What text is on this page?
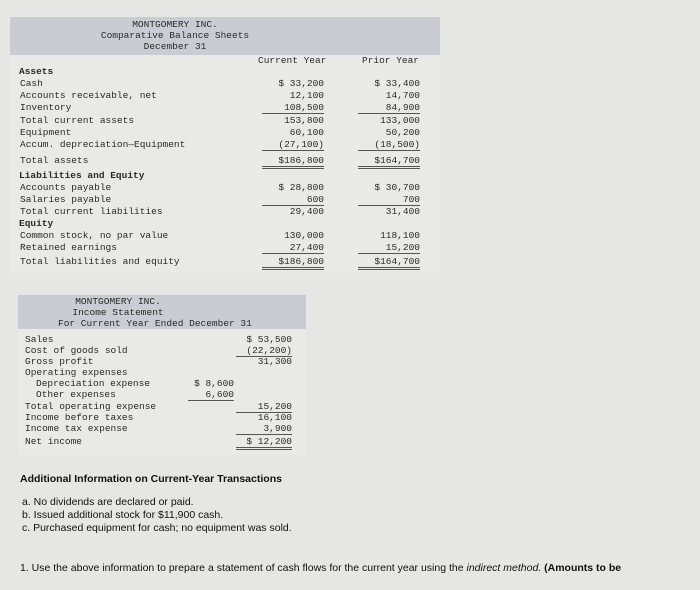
MONTGOMERY INC.
Comparative Balance Sheets
December 31
Current Year	Prior Year
Assets
Cash	$ 33,200	$ 33,400
Accounts receivable, net	12,100	14,700
Inventory	108,500	84,900
Total current assets	153,800	133,000
Equipment	60,100	50,200
Accum. depreciation—Equipment	(27,100)	(18,500)
Total assets	$186,800	$164,700
Liabilities and Equity
Accounts payable	$ 28,800	$ 30,700
Salaries payable	600	700
Total current liabilities	29,400	31,400
Equity
Common stock, no par value	130,000	118,100
Retained earnings	27,400	15,200
Total liabilities and equity	$186,800	$164,700
MONTGOMERY INC.
Income Statement
For Current Year Ended December 31
Sales	$ 53,500
Cost of goods sold	(22,200)
Gross profit	31,300
Operating expenses
Depreciation expense	$ 8,600
Other expenses	6,600
Total operating expense	15,200
Income before taxes	16,100
Income tax expense	3,900
Net income	$ 12,200
Additional Information on Current-Year Transactions
a. No dividends are declared or paid.
b. Issued additional stock for $11,900 cash.
c. Purchased equipment for cash; no equipment was sold.
1. Use the above information to prepare a statement of cash flows for the current year using the indirect method. (Amounts to be
